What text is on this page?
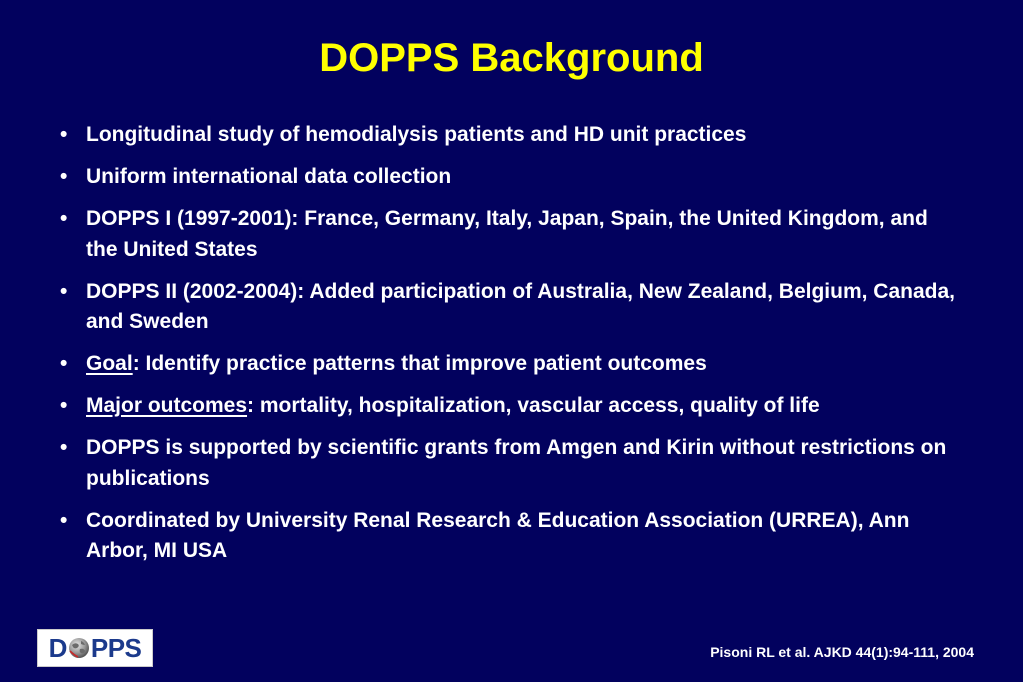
DOPPS Background
• Longitudinal study of hemodialysis patients and HD unit practices
• Uniform international data collection
• DOPPS I (1997-2001): France, Germany, Italy, Japan, Spain, the United Kingdom, and the United States
• DOPPS II (2002-2004): Added participation of Australia, New Zealand, Belgium, Canada, and Sweden
• Goal: Identify practice patterns that improve patient outcomes
• Major outcomes: mortality, hospitalization, vascular access, quality of life
• DOPPS is supported by scientific grants from Amgen and Kirin without restrictions on publications
• Coordinated by University Renal Research & Education Association (URREA), Ann Arbor, MI USA
D PPS	Pisoni RL et al. AJKD 44(1):94-111, 2004
